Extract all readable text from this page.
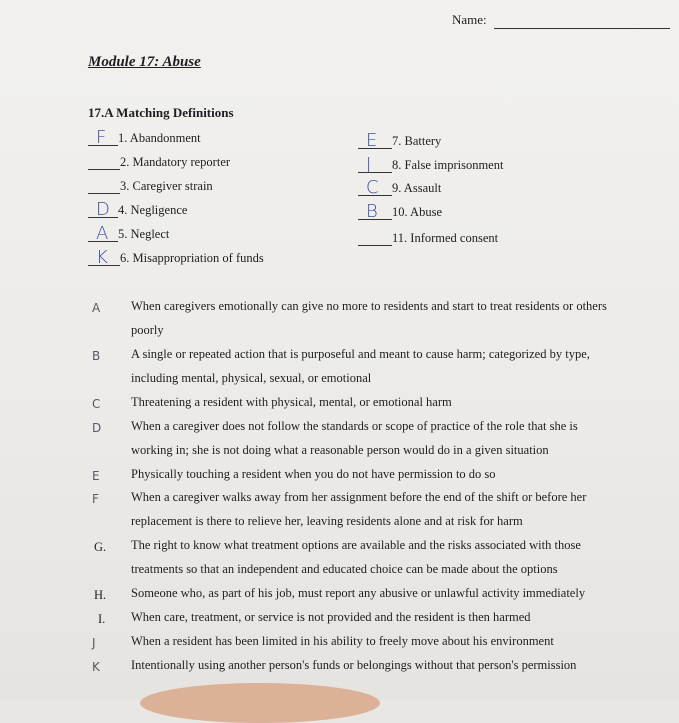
Name:
Module 17: Abuse
17.A Matching Definitions
F 1. Abandonment
2. Mandatory reporter
3. Caregiver strain
D 4. Negligence
A 5. Neglect
K 6. Misappropriation of funds
E 7. Battery
J 8. False imprisonment
C 9. Assault
B 10. Abuse
11. Informed consent
A When caregivers emotionally can give no more to residents and start to treat residents or others
poorly
B A single or repeated action that is purposeful and meant to cause harm; categorized by type,
including mental, physical, sexual, or emotional
C Threatening a resident with physical, mental, or emotional harm
D When a caregiver does not follow the standards or scope of practice of the role that she is
working in; she is not doing what a reasonable person would do in a given situation
E	Physically touching a resident when you do not have permission to do so
F	When a caregiver walks away from her assignment before the end of the shift or before her
replacement is there to relieve her, leaving residents alone and at risk for harm
G. The right to know what treatment options are available and the risks associated with those
treatments so that an independent and educated choice can be made about the options
H. Someone who, as part of his job, must report any abusive or unlawful activity immediately
I. When care, treatment, or service is not provided and the resident is then harmed
J	When a resident has been limited in his ability to freely move about his environment
K Intentionally using another person's funds or belongings without that person's permission
